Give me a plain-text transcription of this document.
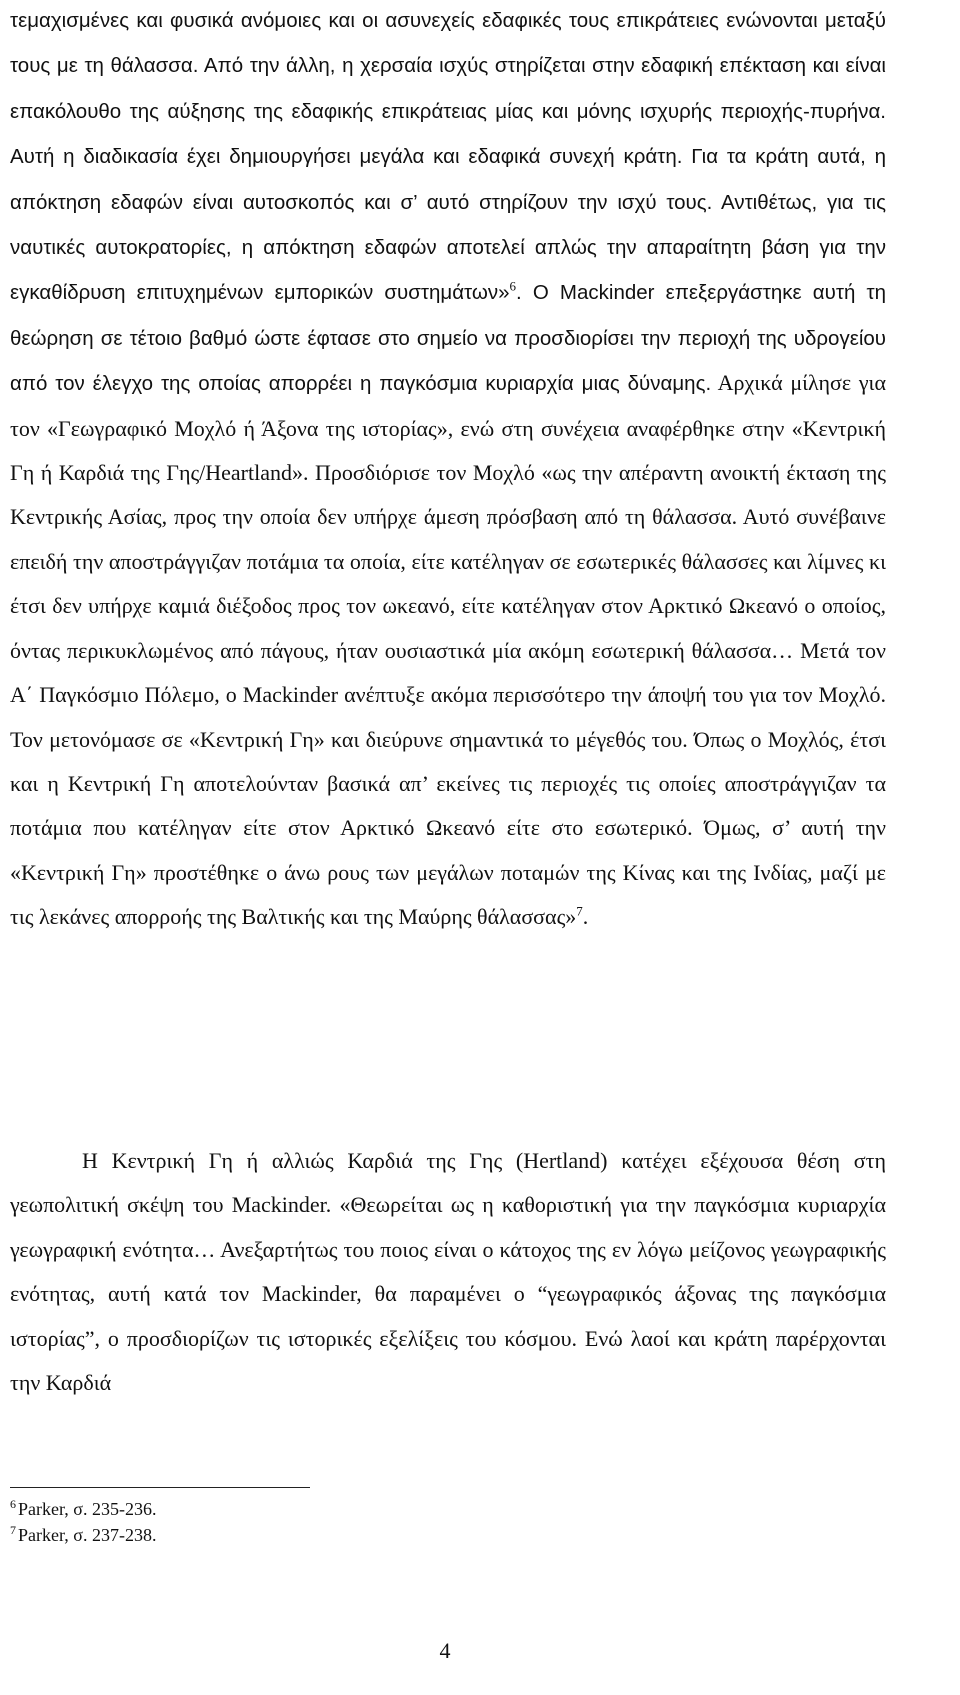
τεμαχισμένες και φυσικά ανόμοιες και οι ασυνεχείς εδαφικές τους επικράτειες ενώνονται μεταξύ τους με τη θάλασσα. Από την άλλη, η χερσαία ισχύς στηρίζεται στην εδαφική επέκταση και είναι επακόλουθο της αύξησης της εδαφικής επικράτειας μίας και μόνης ισχυρής περιοχής-πυρήνα. Αυτή η διαδικασία έχει δημιουργήσει μεγάλα και εδαφικά συνεχή κράτη. Για τα κράτη αυτά, η απόκτηση εδαφών είναι αυτοσκοπός και σ’ αυτό στηρίζουν την ισχύ τους. Αντιθέτως, για τις ναυτικές αυτοκρατορίες, η απόκτηση εδαφών αποτελεί απλώς την απαραίτητη βάση για την εγκαθίδρυση επιτυχημένων εμπορικών συστημάτων»$^6$. Ο Mackinder επεξεργάστηκε αυτή τη θεώρηση σε τέτοιο βαθμό ώστε έφτασε στο σημείο να προσδιορίσει την περιοχή της υδρογείου από τον έλεγχο της οποίας απορρέει η παγκόσμια κυριαρχία μιας δύναμης. Αρχικά μίλησε για τον «Γεωγραφικό Μοχλό ή Άξονα της ιστορίας», ενώ στη συνέχεια αναφέρθηκε στην «Κεντρική Γη ή Καρδιά της Γης/Heartland». Προσδιόρισε τον Μοχλό «ως την απέραντη ανοικτή έκταση της Κεντρικής Ασίας, προς την οποία δεν υπήρχε άμεση πρόσβαση από τη θάλασσα. Αυτό συνέβαινε επειδή την αποστράγγιζαν ποτάμια τα οποία, είτε κατέληγαν σε εσωτερικές θάλασσες και λίμνες κι έτσι δεν υπήρχε καμιά διέξοδος προς τον ωκεανό, είτε κατέληγαν στον Αρκτικό Ωκεανό ο οποίος, όντας περικυκλωμένος από πάγους, ήταν ουσιαστικά μία ακόμη εσωτερική θάλασσα… Μετά τον Α΄ Παγκόσμιο Πόλεμο, ο Mackinder ανέπτυξε ακόμα περισσότερο την άποψή του για τον Μοχλό. Τον μετονόμασε σε «Κεντρική Γη» και διεύρυνε σημαντικά το μέγεθός του. Όπως ο Μοχλός, έτσι και η Κεντρική Γη αποτελούνταν βασικά απ’ εκείνες τις περιοχές τις οποίες αποστράγγιζαν τα ποτάμια που κατέληγαν είτε στον Αρκτικό Ωκεανό είτε στο εσωτερικό. Όμως, σ’ αυτή την «Κεντρική Γη» προστέθηκε ο άνω ρους των μεγάλων ποταμών της Κίνας και της Ινδίας, μαζί με τις λεκάνες απορροής της Βαλτικής και της Μαύρης θάλασσας»$^7$.

Η Κεντρική Γη ή αλλιώς Καρδιά της Γης (Hertland) κατέχει εξέχουσα θέση στη γεωπολιτική σκέψη του Mackinder. «Θεωρείται ως η καθοριστική για την παγκόσμια κυριαρχία γεωγραφική ενότητα… Ανεξαρτήτως του ποιος είναι ο κάτοχος της εν λόγω μείζονος γεωγραφικής ενότητας, αυτή κατά τον Mackinder, θα παραμένει ο “γεωγραφικός άξονας της παγκόσμια ιστορίας”, ο προσδιορίζων τις ιστορικές εξελίξεις του κόσμου. Ενώ λαοί και κράτη παρέρχονται την Καρδιά

$^6$ Parker, σ. 235-236.
$^7$ Parker, σ. 237-238.
4
